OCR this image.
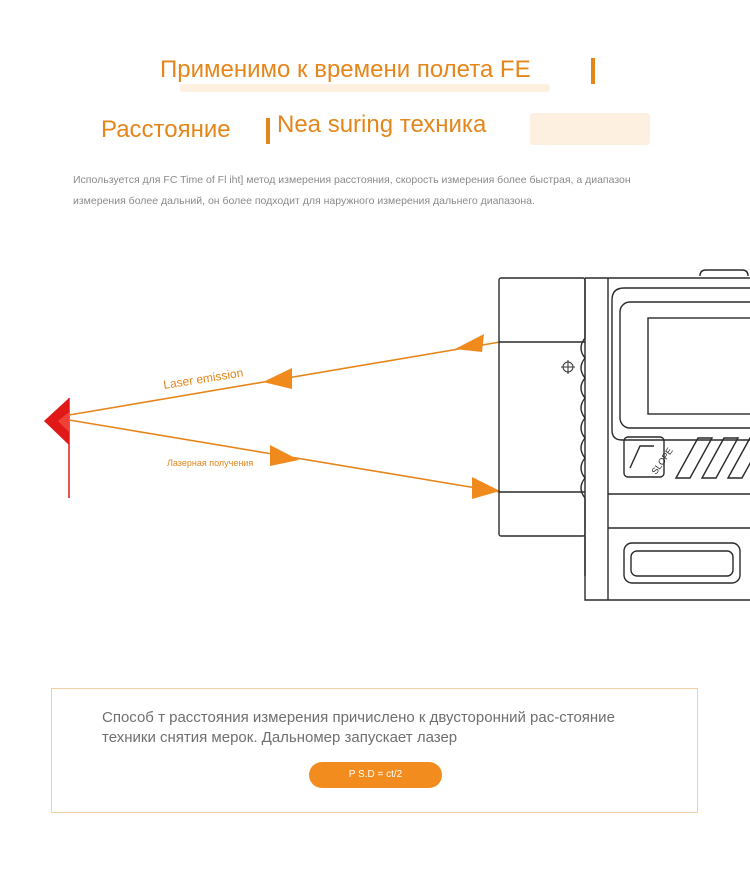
Применимо к времени полета FE
Расстояние Nea suring техника
Используется для FC Time of Fl iht] метод измерения расстояния, скорость измерения более быстрая, а диапазон измерения более дальний, он более подходит для наружного измерения дальнего диапазона.
Laser emission
Лазерная получения	SLOPE
Способ т расстояния измерения причислено к двусторонний рас-стояние техники снятия мерок. Дальномер запускает лазер
P S.D = ct/2
